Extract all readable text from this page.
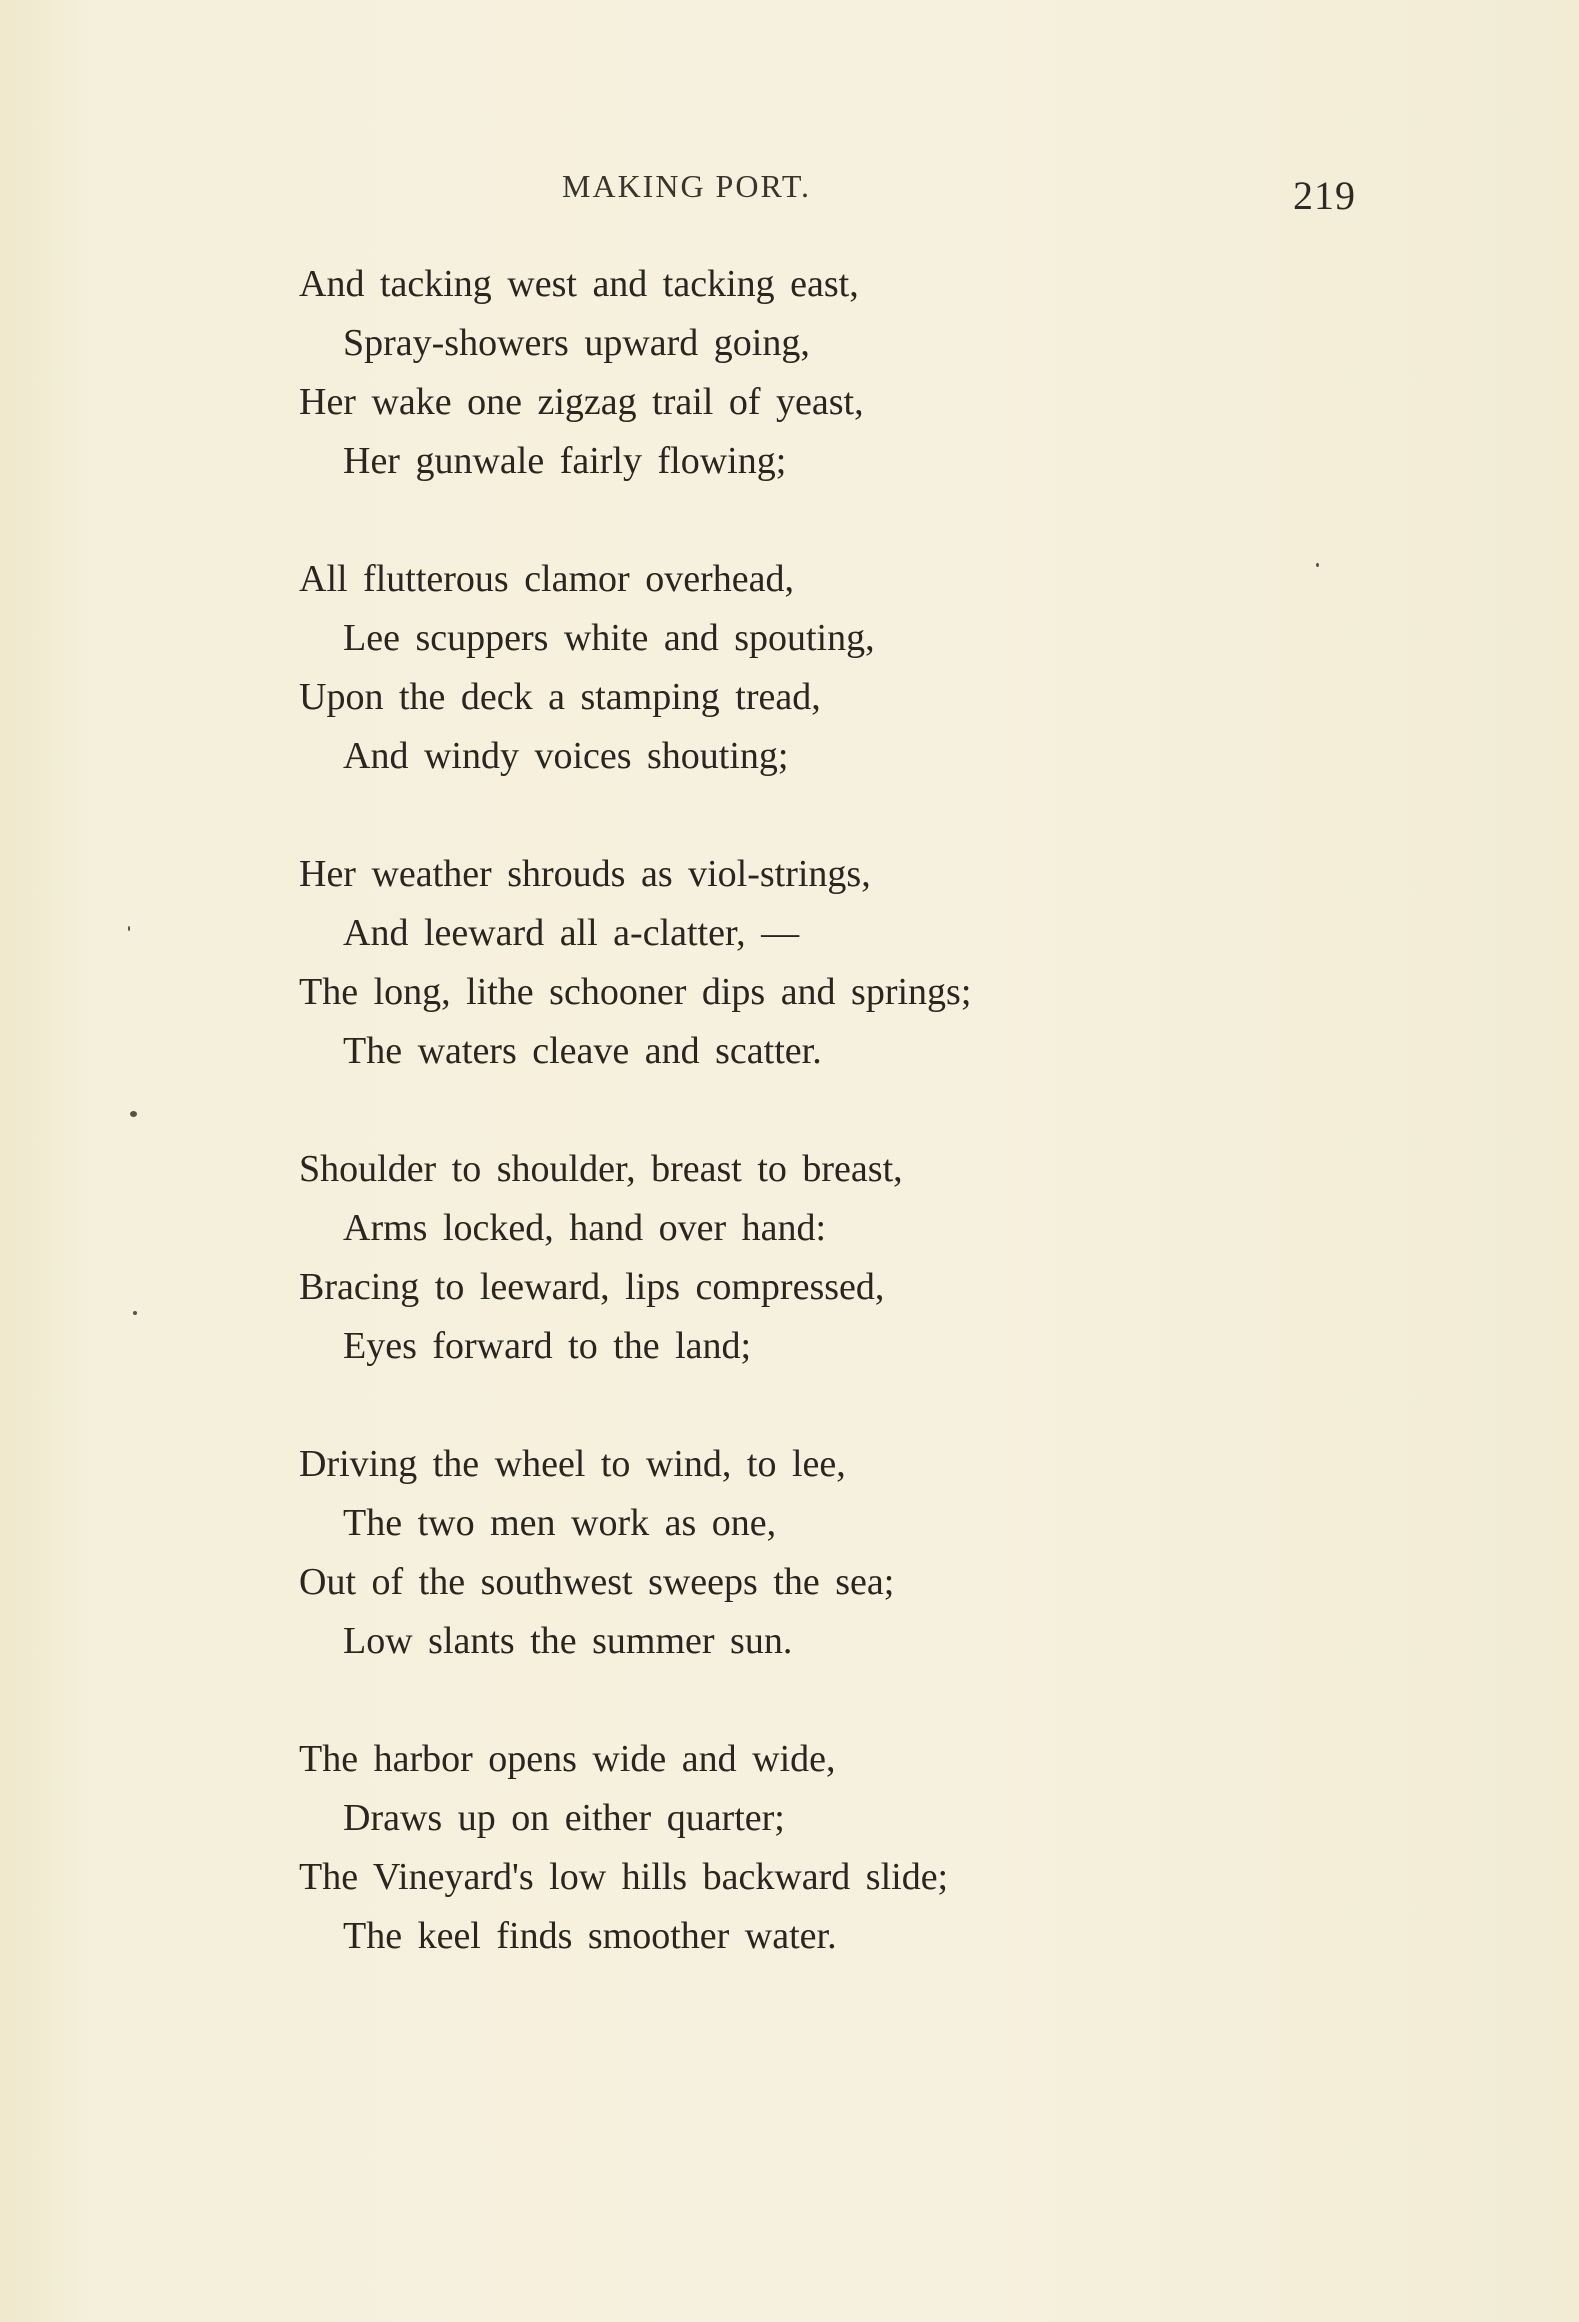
MAKING PORT.	219
And tacking west and tacking east,
Spray-showers upward going,
Her wake one zigzag trail of yeast,
Her gunwale fairly flowing;
All flutterous clamor overhead,
Lee scuppers white and spouting,
Upon the deck a stamping tread,
And windy voices shouting;
Her weather shrouds as viol-strings,
And leeward all a-clatter, —
The long, lithe schooner dips and springs;
The waters cleave and scatter.
Shoulder to shoulder, breast to breast,
Arms locked, hand over hand:
Bracing to leeward, lips compressed,
Eyes forward to the land;
Driving the wheel to wind, to lee,
The two men work as one,
Out of the southwest sweeps the sea;
Low slants the summer sun.
The harbor opens wide and wide,
Draws up on either quarter;
The Vineyard's low hills backward slide;
The keel finds smoother water.
